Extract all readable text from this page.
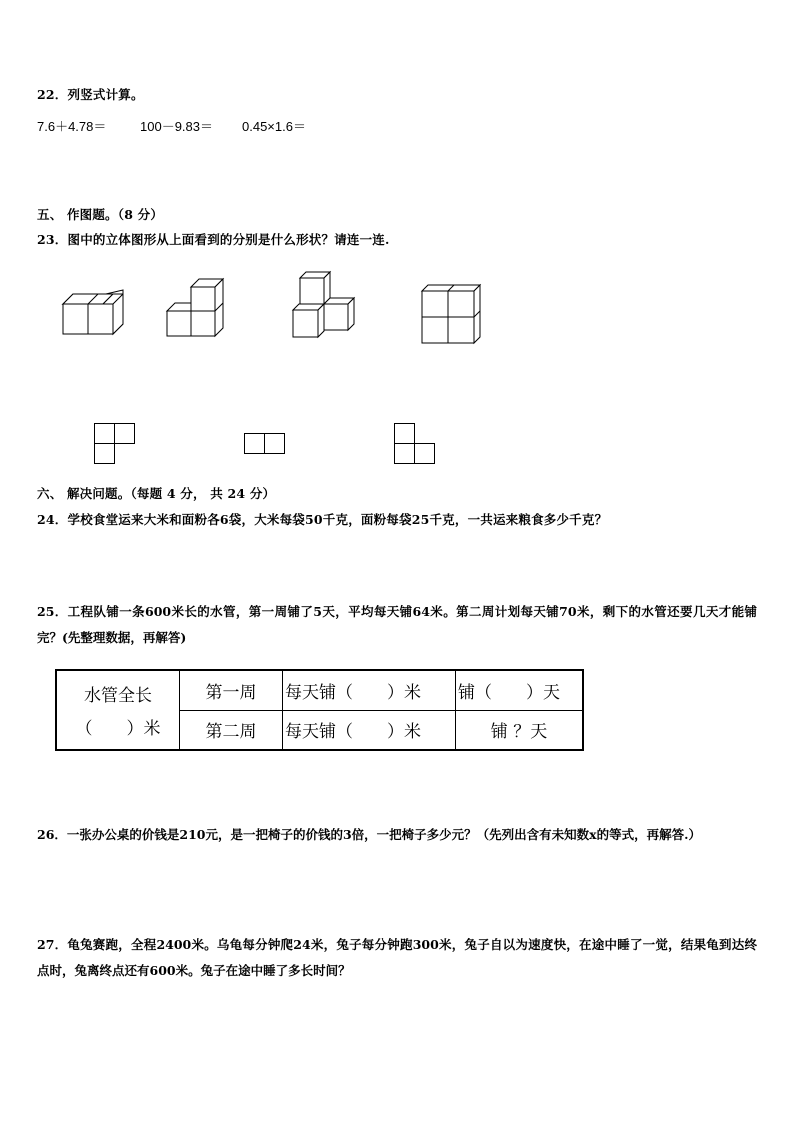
22．列竖式计算。
7.6＋4.78＝	100－9.83＝ 0.45×1.6＝
五、 作图题。（8 分）
23．图中的立体图形从上面看到的分别是什么形状？请连一连.
六、 解决问题。（每题 4 分， 共 24 分）
24．学校食堂运来大米和面粉各6袋，大米每袋50千克，面粉每袋25千克，一共运来粮食多少千克？
25．工程队铺一条600米长的水管，第一周铺了5天，平均每天铺64米。第二周计划每天铺70米，剩下的水管还要几天才能铺完？(先整理数据，再解答)
水管全长	第一周	每天铺（　　）米	铺（　　）天
（　　）米	第二周	每天铺（　　）米	铺 ？天
26．一张办公桌的价钱是210元，是一把椅子的价钱的3倍，一把椅子多少元？（先列出含有未知数x的等式，再解答.）
27．龟兔赛跑，全程2400米。乌龟每分钟爬24米，兔子每分钟跑300米，兔子自以为速度快，在途中睡了一觉，结果龟到达终点时，兔离终点还有600米。兔子在途中睡了多长时间？
